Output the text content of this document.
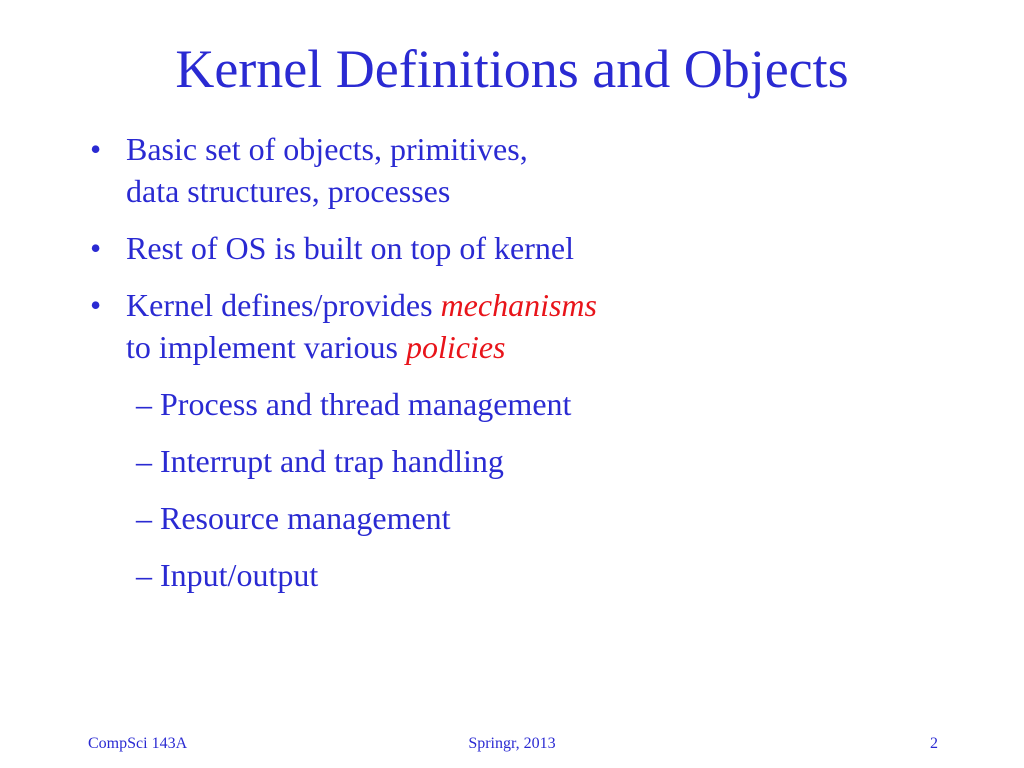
Kernel Definitions and Objects
• Basic set of objects, primitives,
data structures, processes
• Rest of OS is built on top of kernel
• Kernel defines/provides mechanisms
to implement various policies
– Process and thread management
– Interrupt and trap handling
– Resource management
– Input/output
CompSci 143A	Springr, 2013	2
